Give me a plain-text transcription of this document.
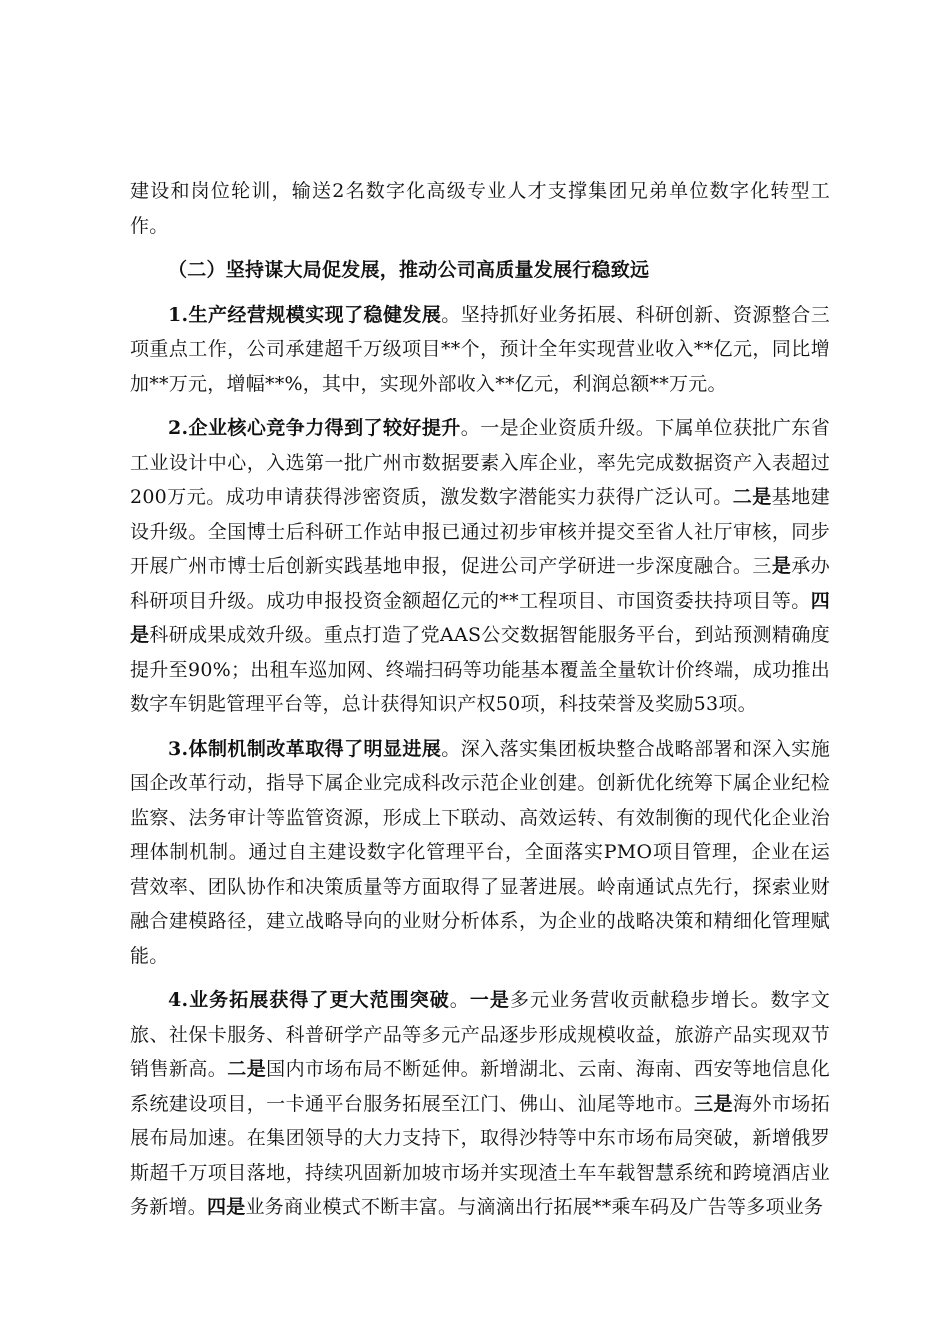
建设和岗位轮训，输送2名数字化高级专业人才支撑集团兄弟单位数字化转型工作。

（二）坚持谋大局促发展，推动公司高质量发展行稳致远

1.生产经营规模实现了稳健发展。坚持抓好业务拓展、科研创新、资源整合三项重点工作，公司承建超千万级项目**个，预计全年实现营业收入**亿元，同比增加**万元，增幅**%，其中，实现外部收入**亿元，利润总额**万元。

2.企业核心竞争力得到了较好提升。一是企业资质升级。下属单位获批广东省工业设计中心，入选第一批广州市数据要素入库企业，率先完成数据资产入表超过200万元。成功申请获得涉密资质，激发数字潜能实力获得广泛认可。二是基地建设升级。全国博士后科研工作站申报已通过初步审核并提交至省人社厅审核，同步开展广州市博士后创新实践基地申报，促进公司产学研进一步深度融合。三是承办科研项目升级。成功申报投资金额超亿元的**工程项目、市国资委扶持项目等。四是科研成果成效升级。重点打造了党AAS公交数据智能服务平台，到站预测精确度提升至90%；出租车巡加网、终端扫码等功能基本覆盖全量软计价终端，成功推出数字车钥匙管理平台等，总计获得知识产权50项，科技荣誉及奖励53项。

3.体制机制改革取得了明显进展。深入落实集团板块整合战略部署和深入实施国企改革行动，指导下属企业完成科改示范企业创建。创新优化统筹下属企业纪检监察、法务审计等监管资源，形成上下联动、高效运转、有效制衡的现代化企业治理体制机制。通过自主建设数字化管理平台，全面落实PMO项目管理，企业在运营效率、团队协作和决策质量等方面取得了显著进展。岭南通试点先行，探索业财融合建模路径，建立战略导向的业财分析体系，为企业的战略决策和精细化管理赋能。

4.业务拓展获得了更大范围突破。一是多元业务营收贡献稳步增长。数字文旅、社保卡服务、科普研学产品等多元产品逐步形成规模收益，旅游产品实现双节销售新高。二是国内市场布局不断延伸。新增湖北、云南、海南、西安等地信息化系统建设项目，一卡通平台服务拓展至江门、佛山、汕尾等地市。三是海外市场拓展布局加速。在集团领导的大力支持下，取得沙特等中东市场布局突破，新增俄罗斯超千万项目落地，持续巩固新加坡市场并实现渣土车车载智慧系统和跨境酒店业务新增。四是业务商业模式不断丰富。与滴滴出行拓展**乘车码及广告等多项业务
